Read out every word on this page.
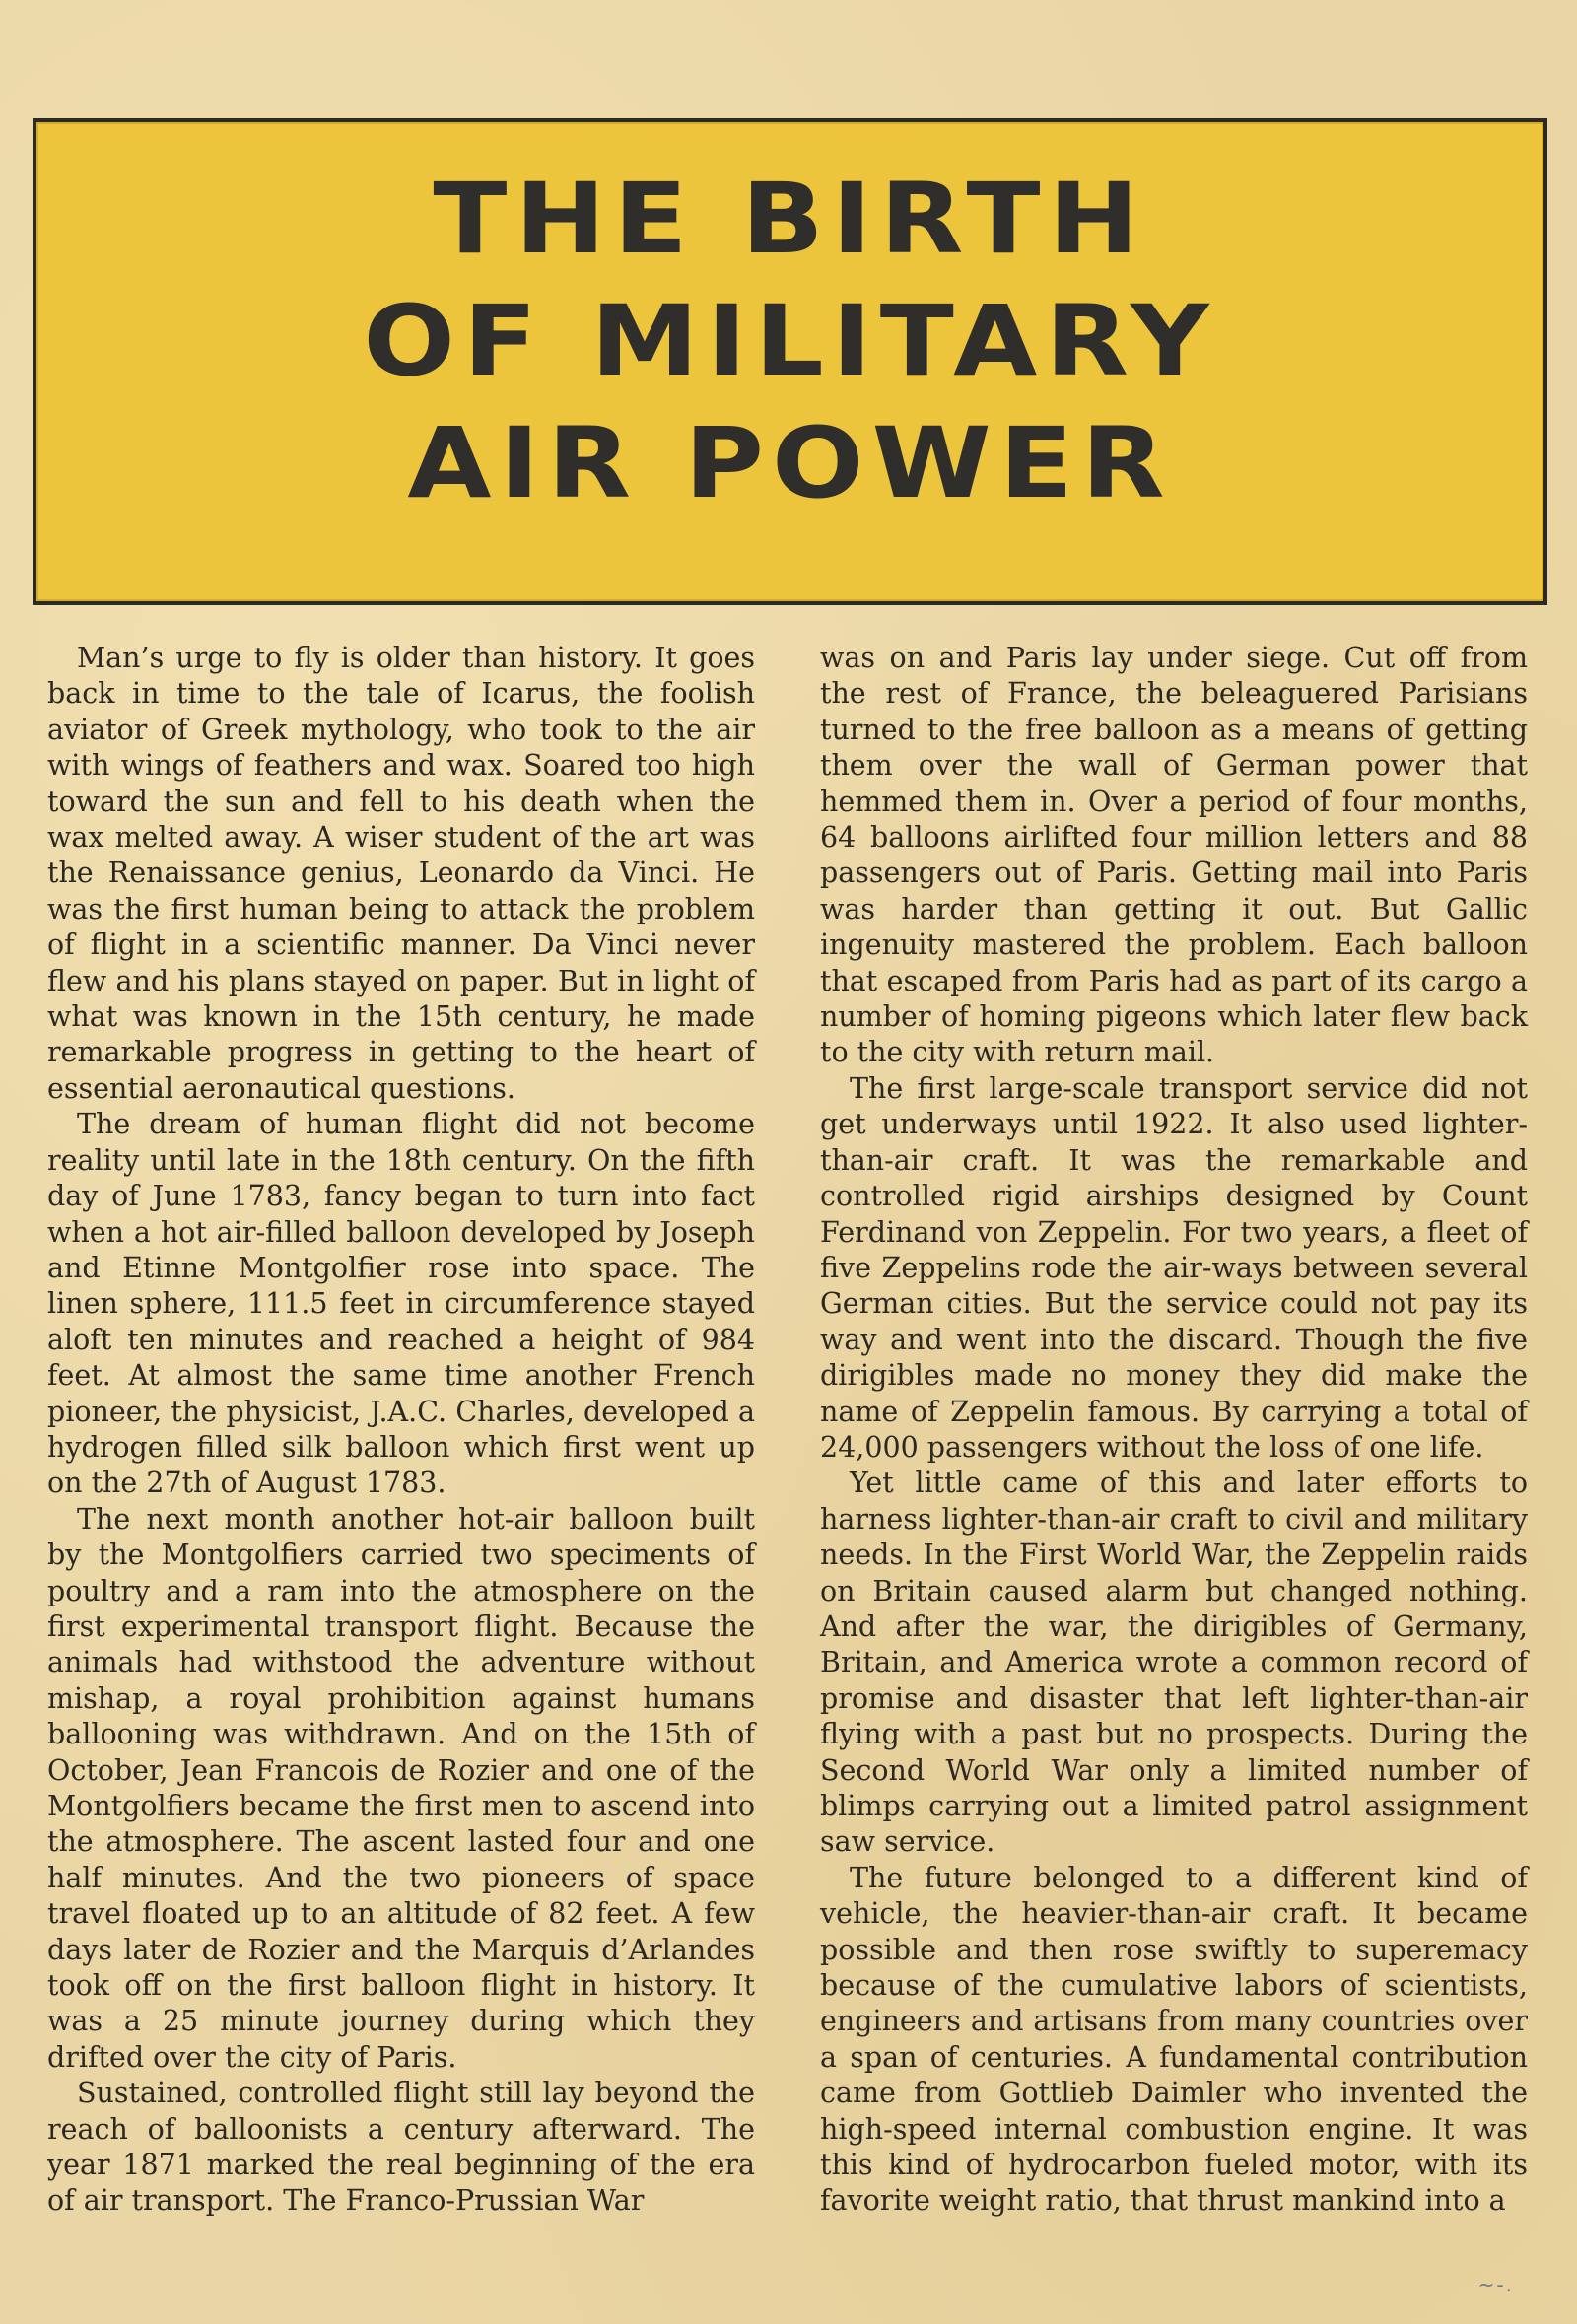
THE BIRTH
OF MILITARY
AIR POWER

Man’s urge to fly is older than history. It goes back in time to the tale of Icarus, the foolish aviator of Greek mythology, who took to the air with wings of feathers and wax. Soared too high toward the sun and fell to his death when the wax melted away. A wiser student of the art was the Renaissance genius, Leonardo da Vinci. He was the first human being to attack the problem of flight in a scientific manner. Da Vinci never flew and his plans stayed on paper. But in light of what was known in the 15th century, he made remarkable progress in getting to the heart of essential aeronautical questions.

The dream of human flight did not become reality until late in the 18th century. On the fifth day of June 1783, fancy began to turn into fact when a hot air-filled balloon developed by Joseph and Etinne Montgolfier rose into space. The linen sphere, 111.5 feet in circumference stayed aloft ten minutes and reached a height of 984 feet. At almost the same time another French pioneer, the physicist, J.A.C. Charles, developed a hydrogen filled silk balloon which first went up on the 27th of August 1783.

The next month another hot-air balloon built by the Montgolfiers carried two speciments of poultry and a ram into the atmosphere on the first experimental transport flight. Because the animals had withstood the adventure without mishap, a royal prohibition against humans ballooning was withdrawn. And on the 15th of October, Jean Francois de Rozier and one of the Montgolfiers became the first men to ascend into the atmosphere. The ascent lasted four and one half minutes. And the two pioneers of space travel floated up to an altitude of 82 feet. A few days later de Rozier and the Marquis d’Arlandes took off on the first balloon flight in history. It was a 25 minute journey during which they drifted over the city of Paris.

Sustained, controlled flight still lay beyond the reach of balloonists a century afterward. The year 1871 marked the real beginning of the era of air transport. The Franco-Prussian War

was on and Paris lay under siege. Cut off from the rest of France, the beleaguered Parisians turned to the free balloon as a means of getting them over the wall of German power that hemmed them in. Over a period of four months, 64 balloons airlifted four million letters and 88 passengers out of Paris. Getting mail into Paris was harder than getting it out. But Gallic ingenuity mastered the problem. Each balloon that escaped from Paris had as part of its cargo a number of homing pigeons which later flew back to the city with return mail.

The first large-scale transport service did not get underways until 1922. It also used lighter-than-air craft. It was the remarkable and controlled rigid airships designed by Count Ferdinand von Zeppelin. For two years, a fleet of five Zeppelins rode the air-ways between several German cities. But the service could not pay its way and went into the discard. Though the five dirigibles made no money they did make the name of Zeppelin famous. By carrying a total of 24,000 passengers without the loss of one life.

Yet little came of this and later efforts to harness lighter-than-air craft to civil and military needs. In the First World War, the Zeppelin raids on Britain caused alarm but changed nothing. And after the war, the dirigibles of Germany, Britain, and America wrote a common record of promise and disaster that left lighter-than-air flying with a past but no prospects. During the Second World War only a limited number of blimps carrying out a limited patrol assignment saw service.

The future belonged to a different kind of vehicle, the heavier-than-air craft. It became possible and then rose swiftly to superemacy because of the cumulative labors of scientists, engineers and artisans from many countries over a span of centuries. A fundamental contribution came from Gottlieb Daimler who invented the high-speed internal combustion engine. It was this kind of hydrocarbon fueled motor, with its favorite weight ratio, that thrust mankind into a

~-.
